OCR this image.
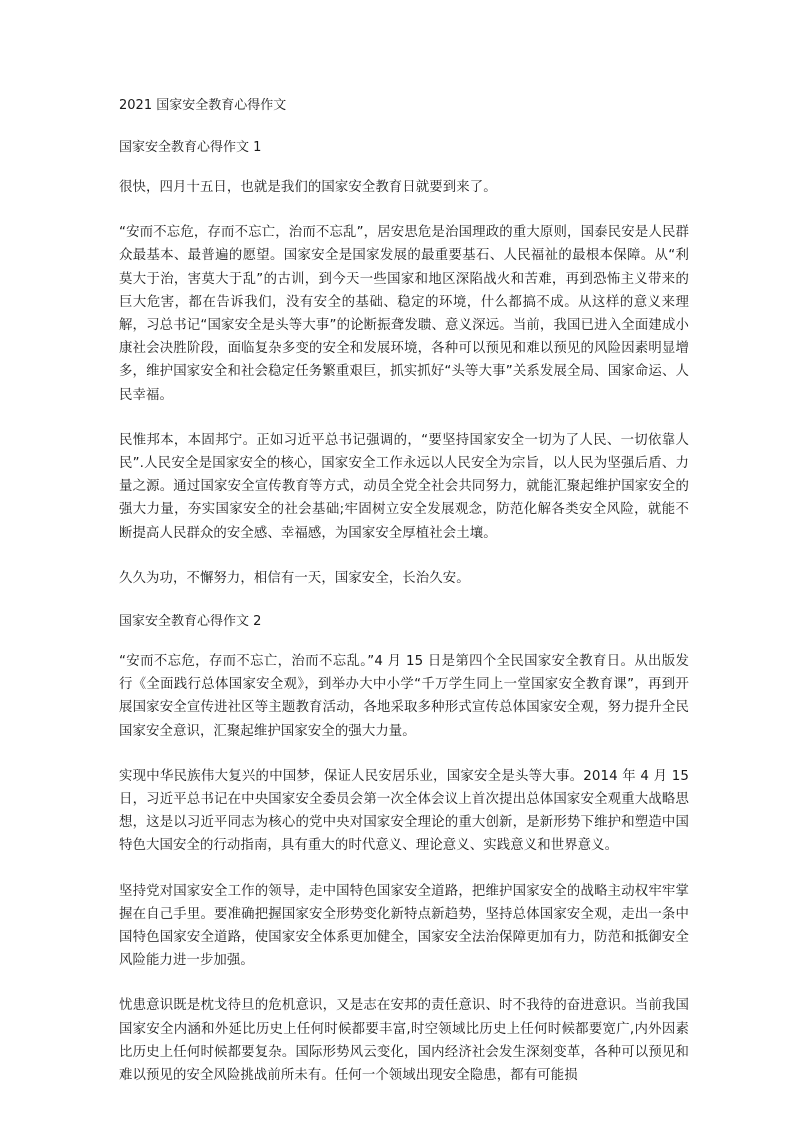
2021 国家安全教育心得作文
国家安全教育心得作文 1

很快，四月十五日，也就是我们的国家安全教育日就要到来了。

“安而不忘危，存而不忘亡，治而不忘乱”，居安思危是治国理政的重大原则，国泰民安是人民群众最基本、最普遍的愿望。国家安全是国家发展的最重要基石、人民福祉的最根本保障。从“利莫大于治，害莫大于乱”的古训，到今天一些国家和地区深陷战火和苦难，再到恐怖主义带来的巨大危害，都在告诉我们，没有安全的基础、稳定的环境，什么都搞不成。从这样的意义来理解，习总书记“国家安全是头等大事”的论断振聋发聩、意义深远。当前，我国已进入全面建成小康社会决胜阶段，面临复杂多变的安全和发展环境，各种可以预见和难以预见的风险因素明显增多，维护国家安全和社会稳定任务繁重艰巨，抓实抓好“头等大事”关系发展全局、国家命运、人民幸福。

民惟邦本，本固邦宁。正如习近平总书记强调的，“要坚持国家安全一切为了人民、一切依靠人民”.人民安全是国家安全的核心，国家安全工作永远以人民安全为宗旨，以人民为坚强后盾、力量之源。通过国家安全宣传教育等方式，动员全党全社会共同努力，就能汇聚起维护国家安全的强大力量，夯实国家安全的社会基础;牢固树立安全发展观念，防范化解各类安全风险，就能不断提高人民群众的安全感、幸福感，为国家安全厚植社会土壤。

久久为功，不懈努力，相信有一天，国家安全，长治久安。

国家安全教育心得作文 2

“安而不忘危，存而不忘亡，治而不忘乱。”4 月 15 日是第四个全民国家安全教育日。从出版发行《全面践行总体国家安全观》，到举办大中小学“千万学生同上一堂国家安全教育课”，再到开展国家安全宣传进社区等主题教育活动，各地采取多种形式宣传总体国家安全观，努力提升全民国家安全意识，汇聚起维护国家安全的强大力量。

实现中华民族伟大复兴的中国梦，保证人民安居乐业，国家安全是头等大事。2014 年 4 月 15 日，习近平总书记在中央国家安全委员会第一次全体会议上首次提出总体国家安全观重大战略思想，这是以习近平同志为核心的党中央对国家安全理论的重大创新，是新形势下维护和塑造中国特色大国安全的行动指南，具有重大的时代意义、理论意义、实践意义和世界意义。

坚持党对国家安全工作的领导，走中国特色国家安全道路，把维护国家安全的战略主动权牢牢掌握在自己手里。要准确把握国家安全形势变化新特点新趋势，坚持总体国家安全观，走出一条中国特色国家安全道路，使国家安全体系更加健全，国家安全法治保障更加有力，防范和抵御安全风险能力进一步加强。

忧患意识既是枕戈待旦的危机意识，又是志在安邦的责任意识、时不我待的奋进意识。当前我国国家安全内涵和外延比历史上任何时候都要丰富,时空领域比历史上任何时候都要宽广,内外因素比历史上任何时候都要复杂。国际形势风云变化，国内经济社会发生深刻变革，各种可以预见和难以预见的安全风险挑战前所未有。任何一个领域出现安全隐患，都有可能损
